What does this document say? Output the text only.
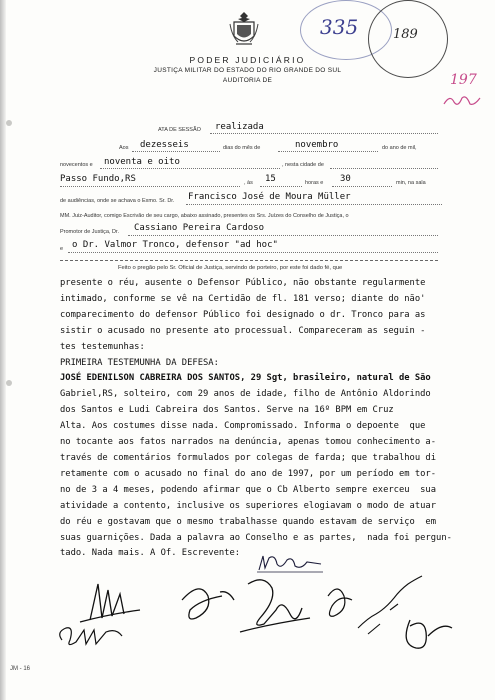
PODER JUDICIÁRIO
JUSTIÇA MILITAR DO ESTADO DO RIO GRANDE DO SUL
AUDITORIA DE
335	189
197
ATA DE SESSÃO realizada
Aos dezesseis	dias do mês de	novembro	do ano de mil,
novecentos e noventa e oito	, nesta cidade de
Passo Fundo,RS	, às 15	horas e 30	min, na sala
de audiências, onde se achava o Exmo. Sr. Dr. Francisco José de Moura Müller
MM. Juiz-Auditor, comigo Escrivão de seu cargo, abaixo assinado, presentes os Srs. Juízes do Conselho de Justiça, o
Promotor de Justiça, Dr. Cassiano Pereira Cardoso
e o Dr. Valmor Tronco, defensor "ad hoc"
Feito o pregão pelo Sr. Oficial de Justiça, servindo de porteiro, por este foi dado fé, que

presente o réu, ausente o Defensor Público, não obstante regularmente

intimado, conforme se vê na Certidão de fl. 181 verso; diante do não'

comparecimento do defensor Público foi designado o dr. Tronco para as

sistir o acusado no presente ato processual. Compareceram as seguin -

tes testemunhas:

PRIMEIRA TESTEMUNHA DA DEFESA:

JOSÉ EDENILSON CABREIRA DOS SANTOS, 29 Sgt, brasileiro, natural de São

Gabriel,RS, solteiro, com 29 anos de idade, filho de Antônio Aldorindo

dos Santos e Ludi Cabreira dos Santos. Serve na 16º BPM em Cruz

Alta. Aos costumes disse nada. Compromissado. Informa o depoente  que

no tocante aos fatos narrados na denúncia, apenas tomou conhecimento a-

través de comentários formulados por colegas de farda; que trabalhou di

retamente com o acusado no final do ano de 1997, por um período em tor-

no de 3 a 4 meses, podendo afirmar que o Cb Alberto sempre exerceu  sua

atividade a contento, inclusive os superiores elogiavam o modo de atuar

do réu e gostavam que o mesmo trabalhasse quando estavam de serviço  em

suas guarnições. Dada a palavra ao Conselho e as partes,  nada foi pergun-

tado. Nada mais. A Of. Escrevente:

JM - 16
